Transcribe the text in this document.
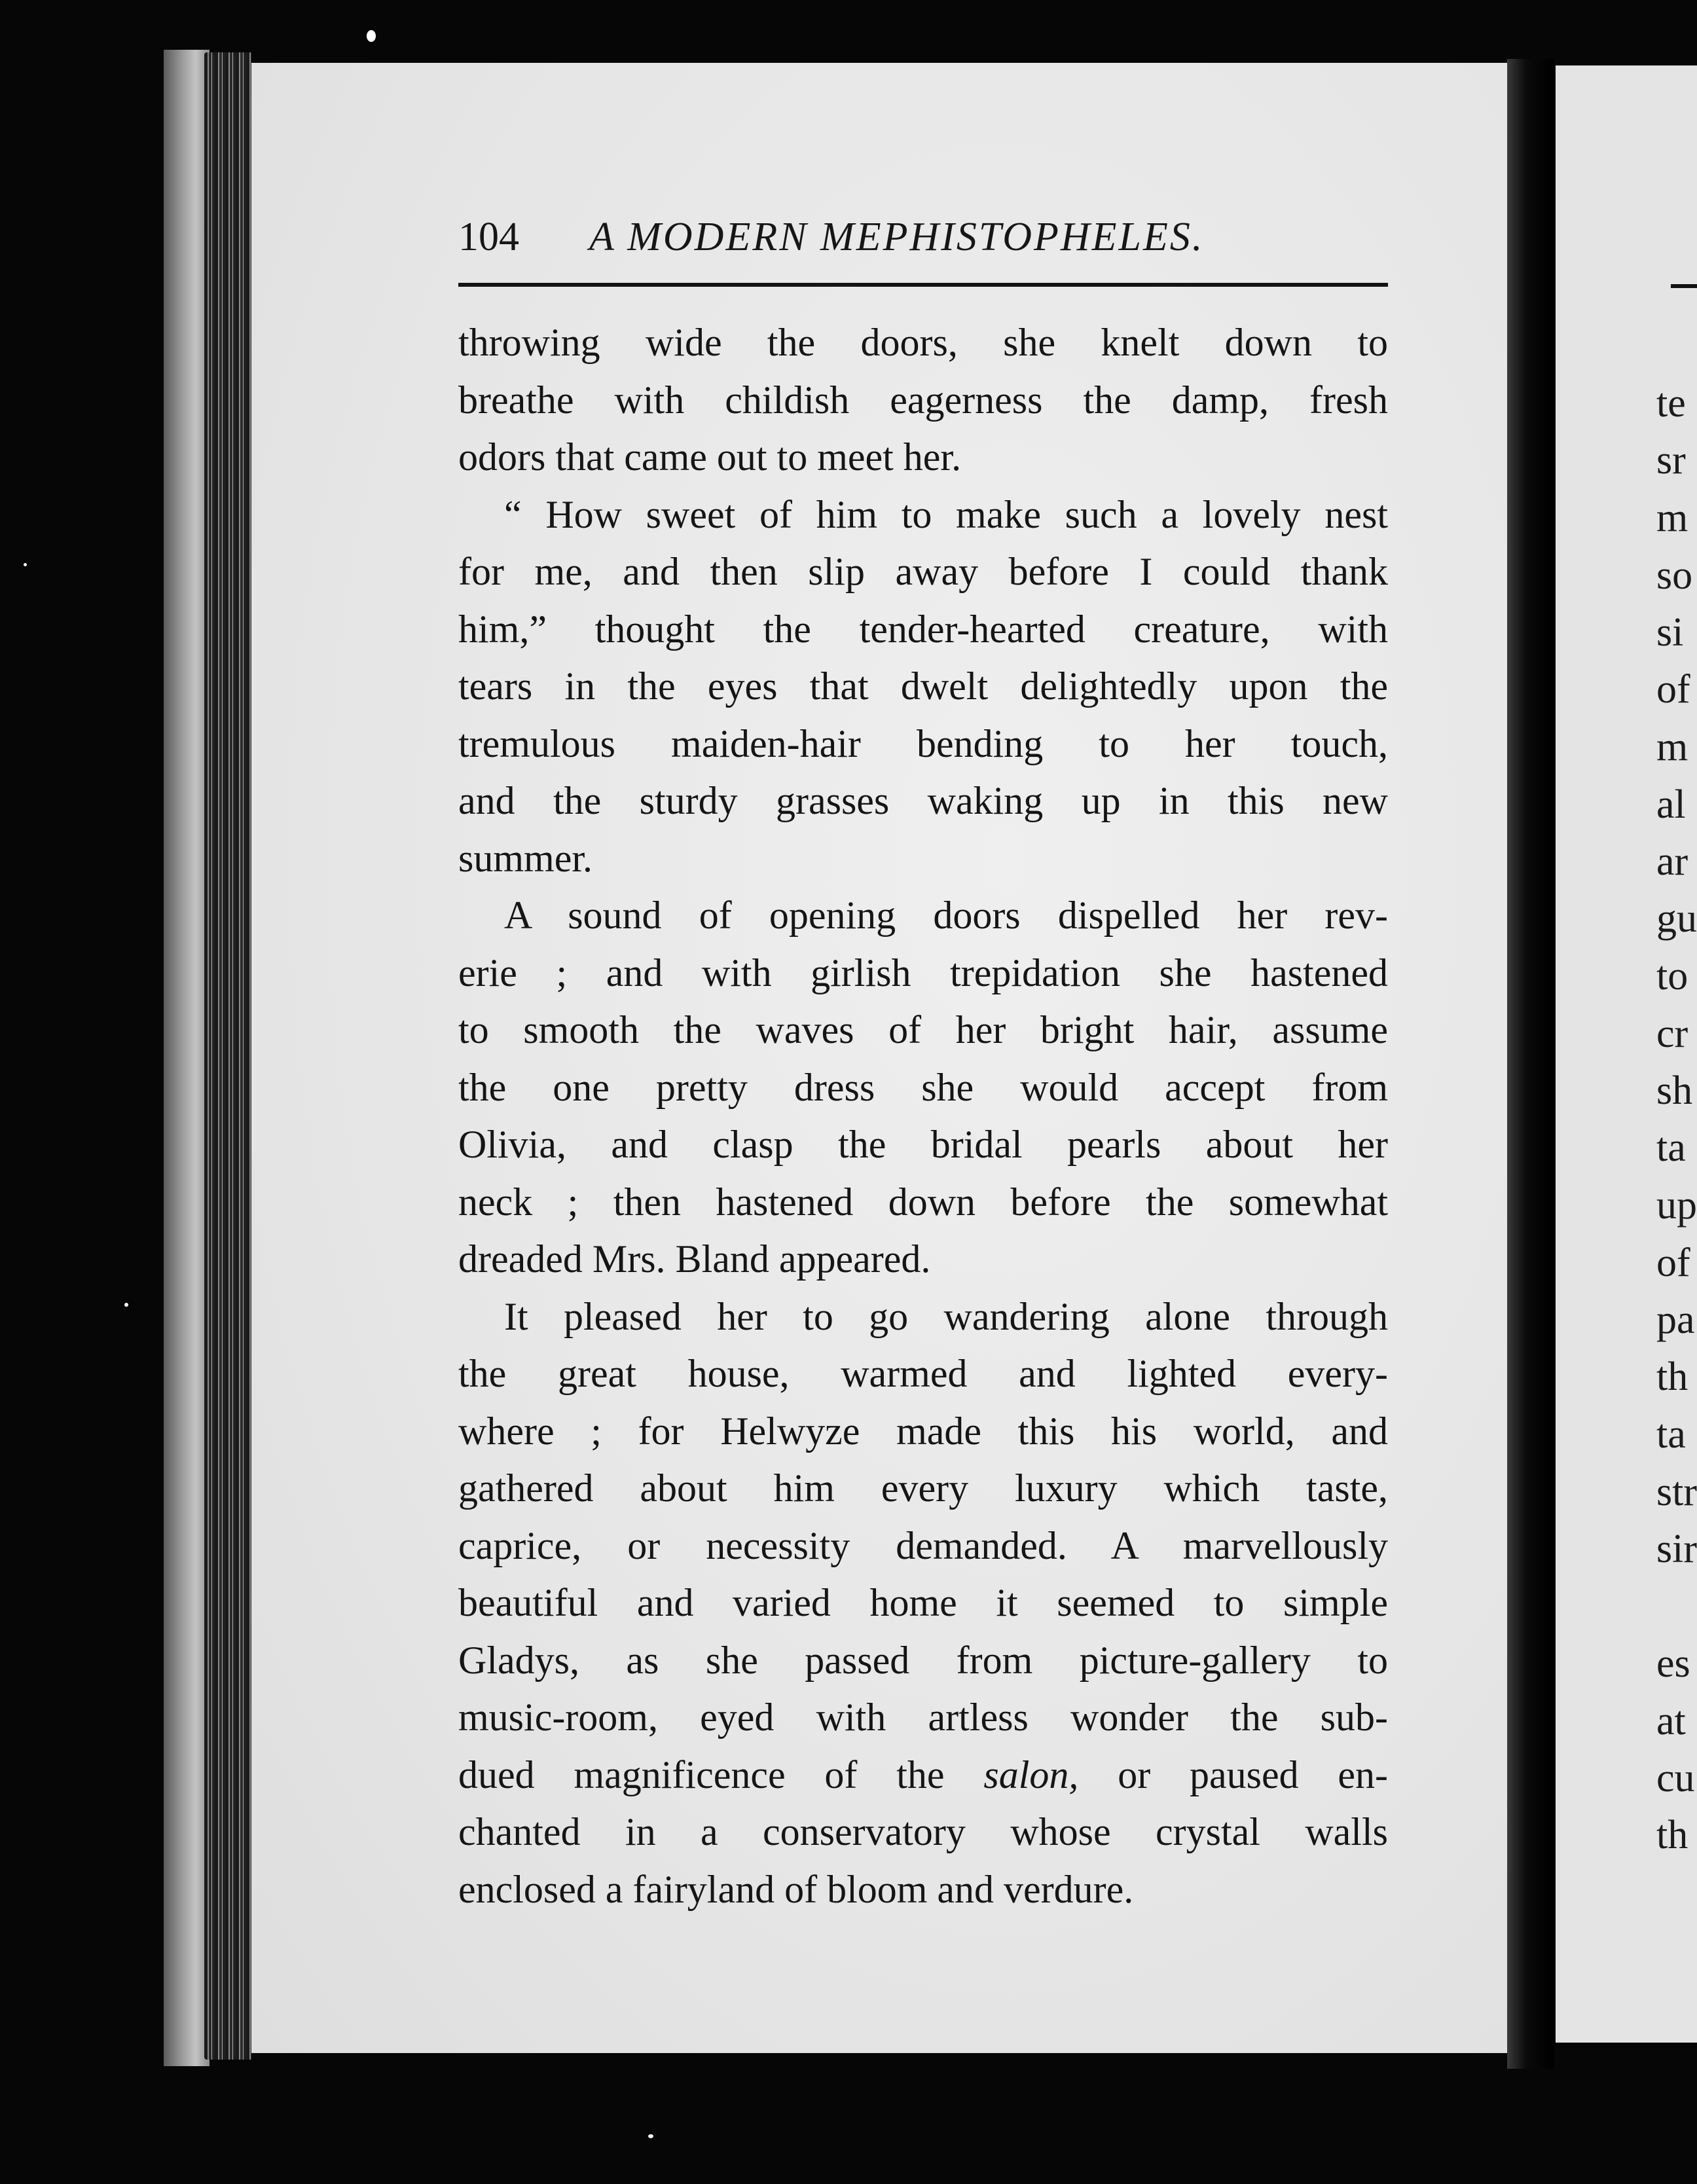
104 A MODERN MEPHISTOPHELES.
throwing wide the doors, she knelt down to
breathe with childish eagerness the damp, fresh
odors that came out to meet her.
“ How sweet of him to make such a lovely nest
for me, and then slip away before I could thank
him,” thought the tender-hearted creature, with
tears in the eyes that dwelt delightedly upon the
tremulous maiden-hair bending to her touch,
and the sturdy grasses waking up in this new
summer.
A sound of opening doors dispelled her rev-
erie ; and with girlish trepidation she hastened
to smooth the waves of her bright hair, assume
the one pretty dress she would accept from
Olivia, and clasp the bridal pearls about her
neck ; then hastened down before the somewhat
dreaded Mrs. Bland appeared.
It pleased her to go wandering alone through
the great house, warmed and lighted every-
where ; for Helwyze made this his world, and
gathered about him every luxury which taste,
caprice, or necessity demanded. A marvellously
beautiful and varied home it seemed to simple
Gladys, as she passed from picture-gallery to
music-room, eyed with artless wonder the sub-
dued magnificence of the salon, or paused en-
chanted in a conservatory whose crystal walls
enclosed a fairyland of bloom and verdure.
te
sr
m
so
si
of
m
al
ar
gu
to
cr
sh
ta
up
of
pa
th
ta
str
sir
es
at
cu
th
